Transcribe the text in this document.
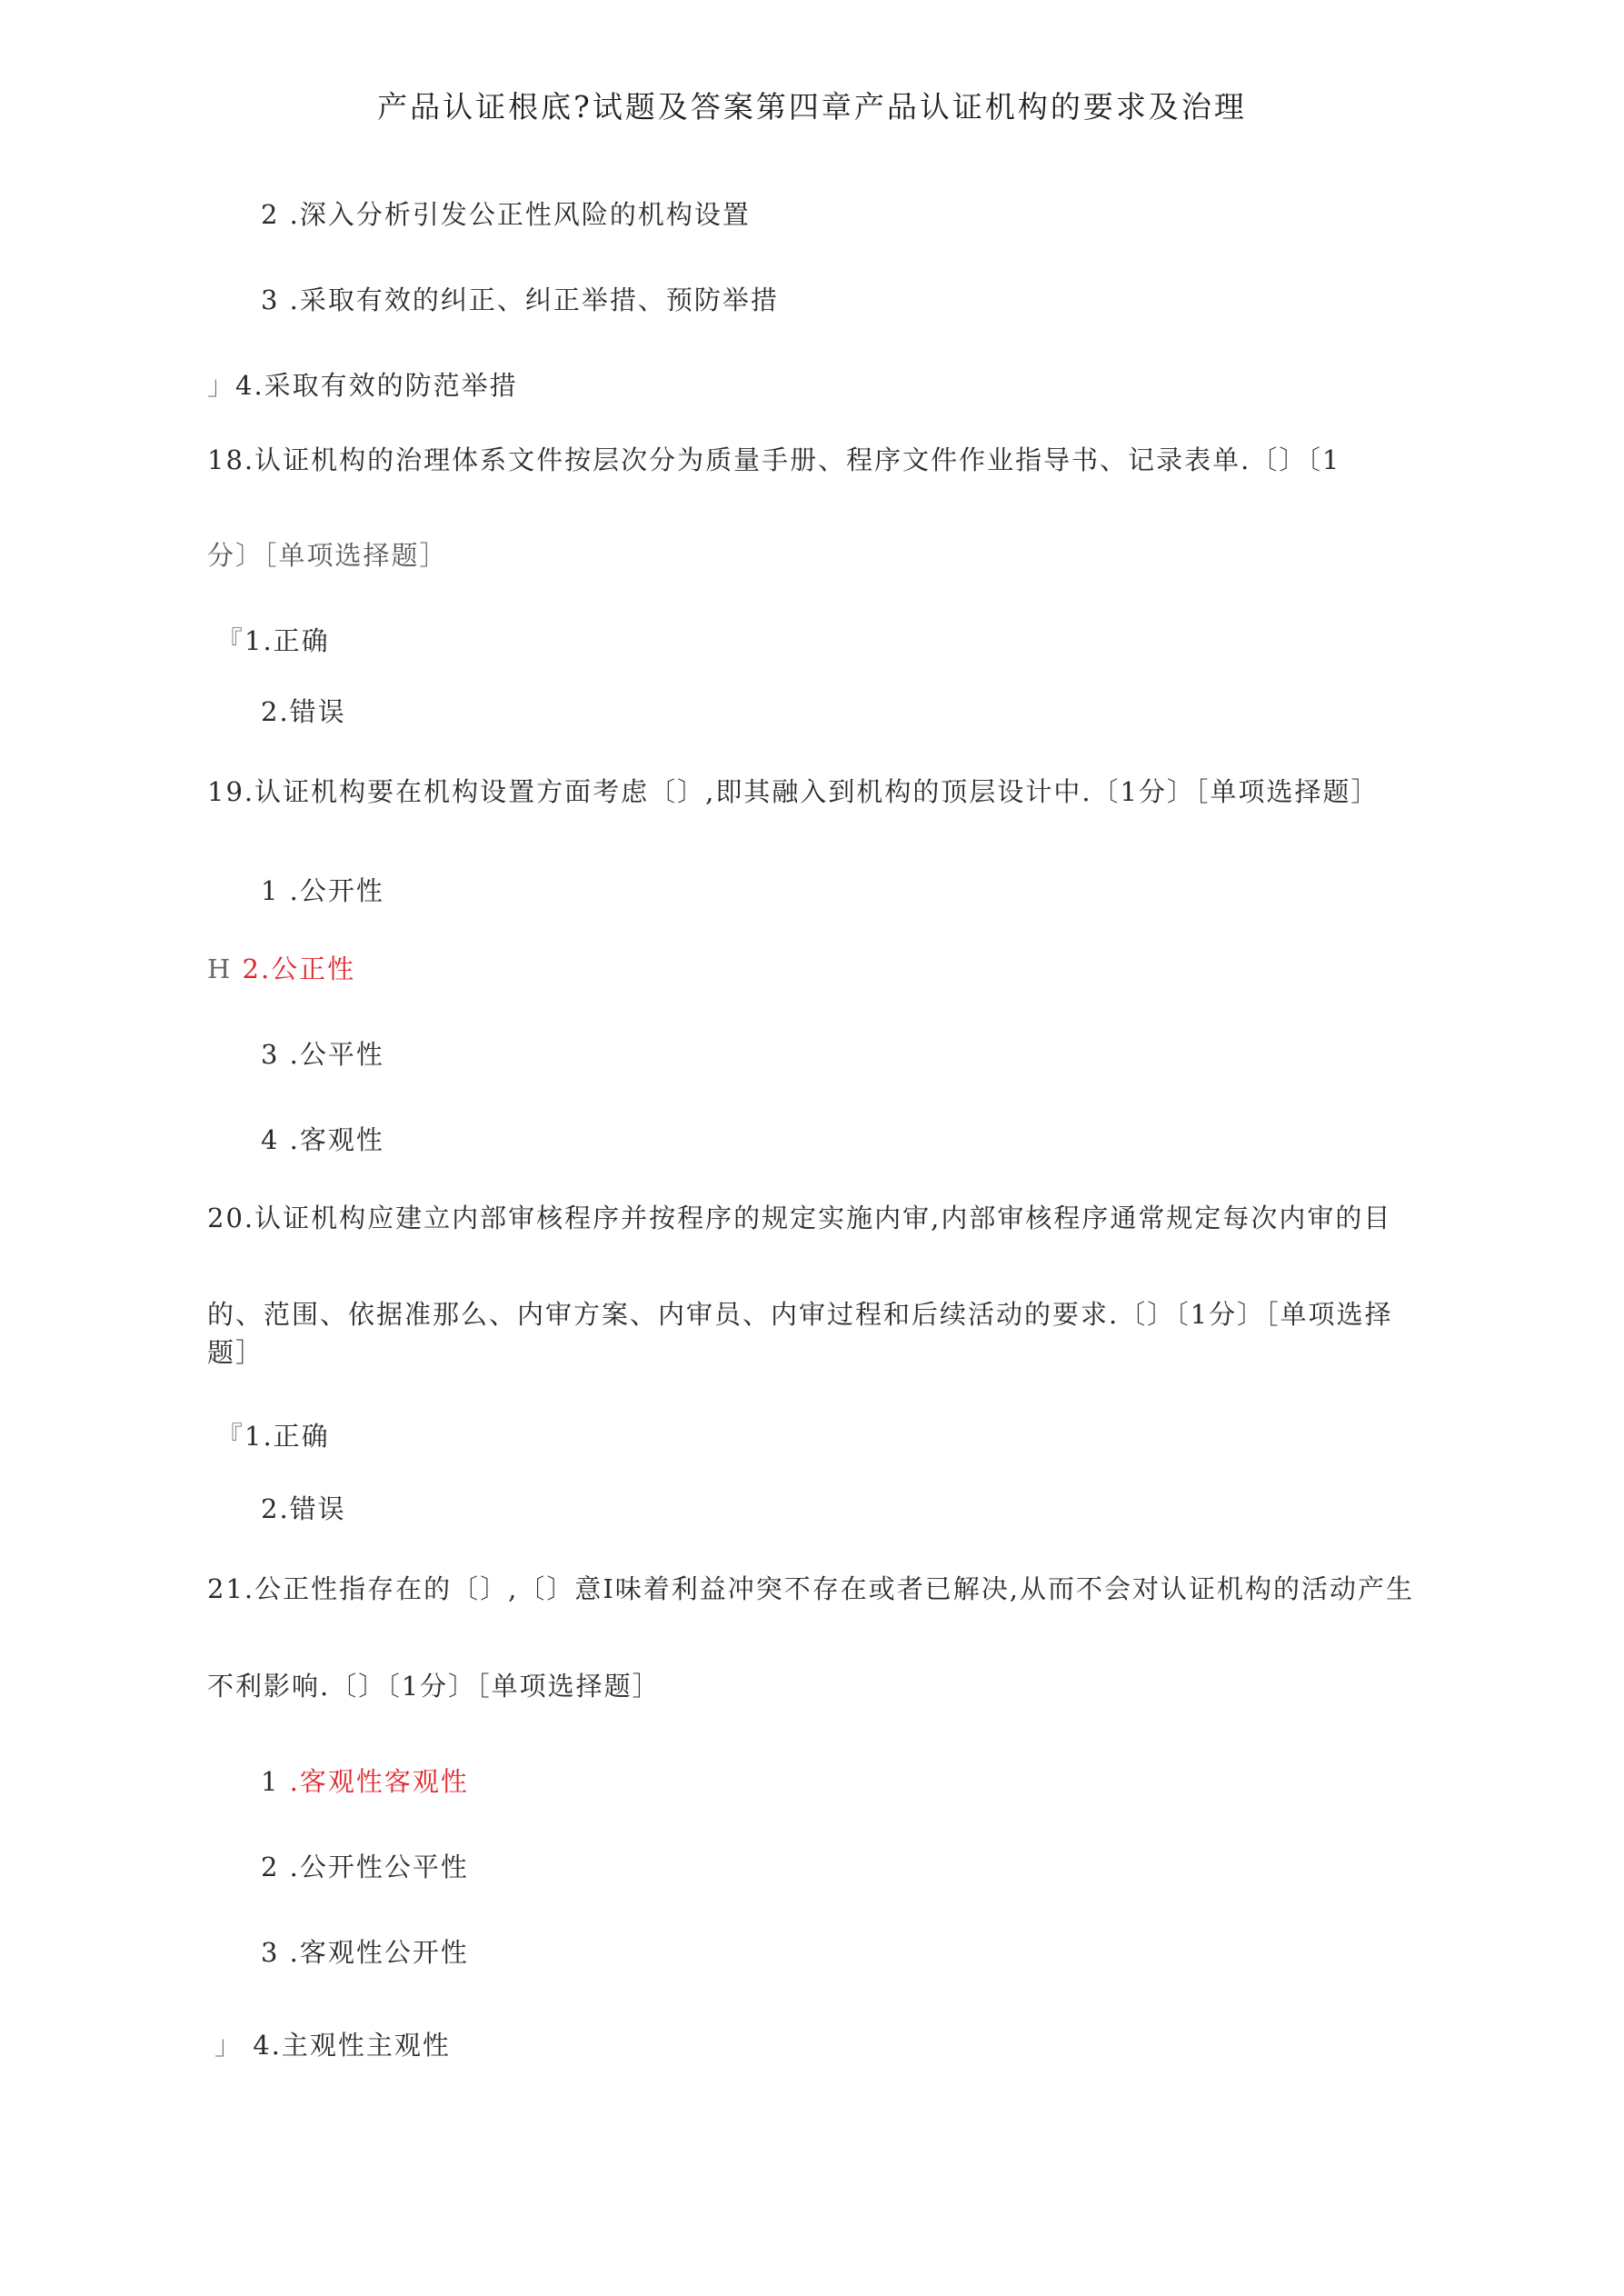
产品认证根底?试题及答案第四章产品认证机构的要求及治理
2 .深入分析引发公正性风险的机构设置
3 .采取有效的纠正、纠正举措、预防举措
」4.采取有效的防范举措
18.认证机构的治理体系文件按层次分为质量手册、程序文件作业指导书、记录表单.〔〕〔1
分〕［单项选择题］
『1.正确
2.错误
19.认证机构要在机构设置方面考虑〔〕,即其融入到机构的顶层设计中.〔1分〕［单项选择题］
1 .公开性
H 2.公正性
3 .公平性
4 .客观性
20.认证机构应建立内部审核程序并按程序的规定实施内审,内部审核程序通常规定每次内审的目
的、范围、依据准那么、内审方案、内审员、内审过程和后续活动的要求.〔〕〔1分〕［单项选择
题］
『1.正确
2.错误
21.公正性指存在的〔〕,〔〕意I味着利益冲突不存在或者已解决,从而不会对认证机构的活动产生
不利影响.〔〕〔1分〕［单项选择题］
1 .客观性客观性
2 .公开性公平性
3 .客观性公开性
」 4.主观性主观性
